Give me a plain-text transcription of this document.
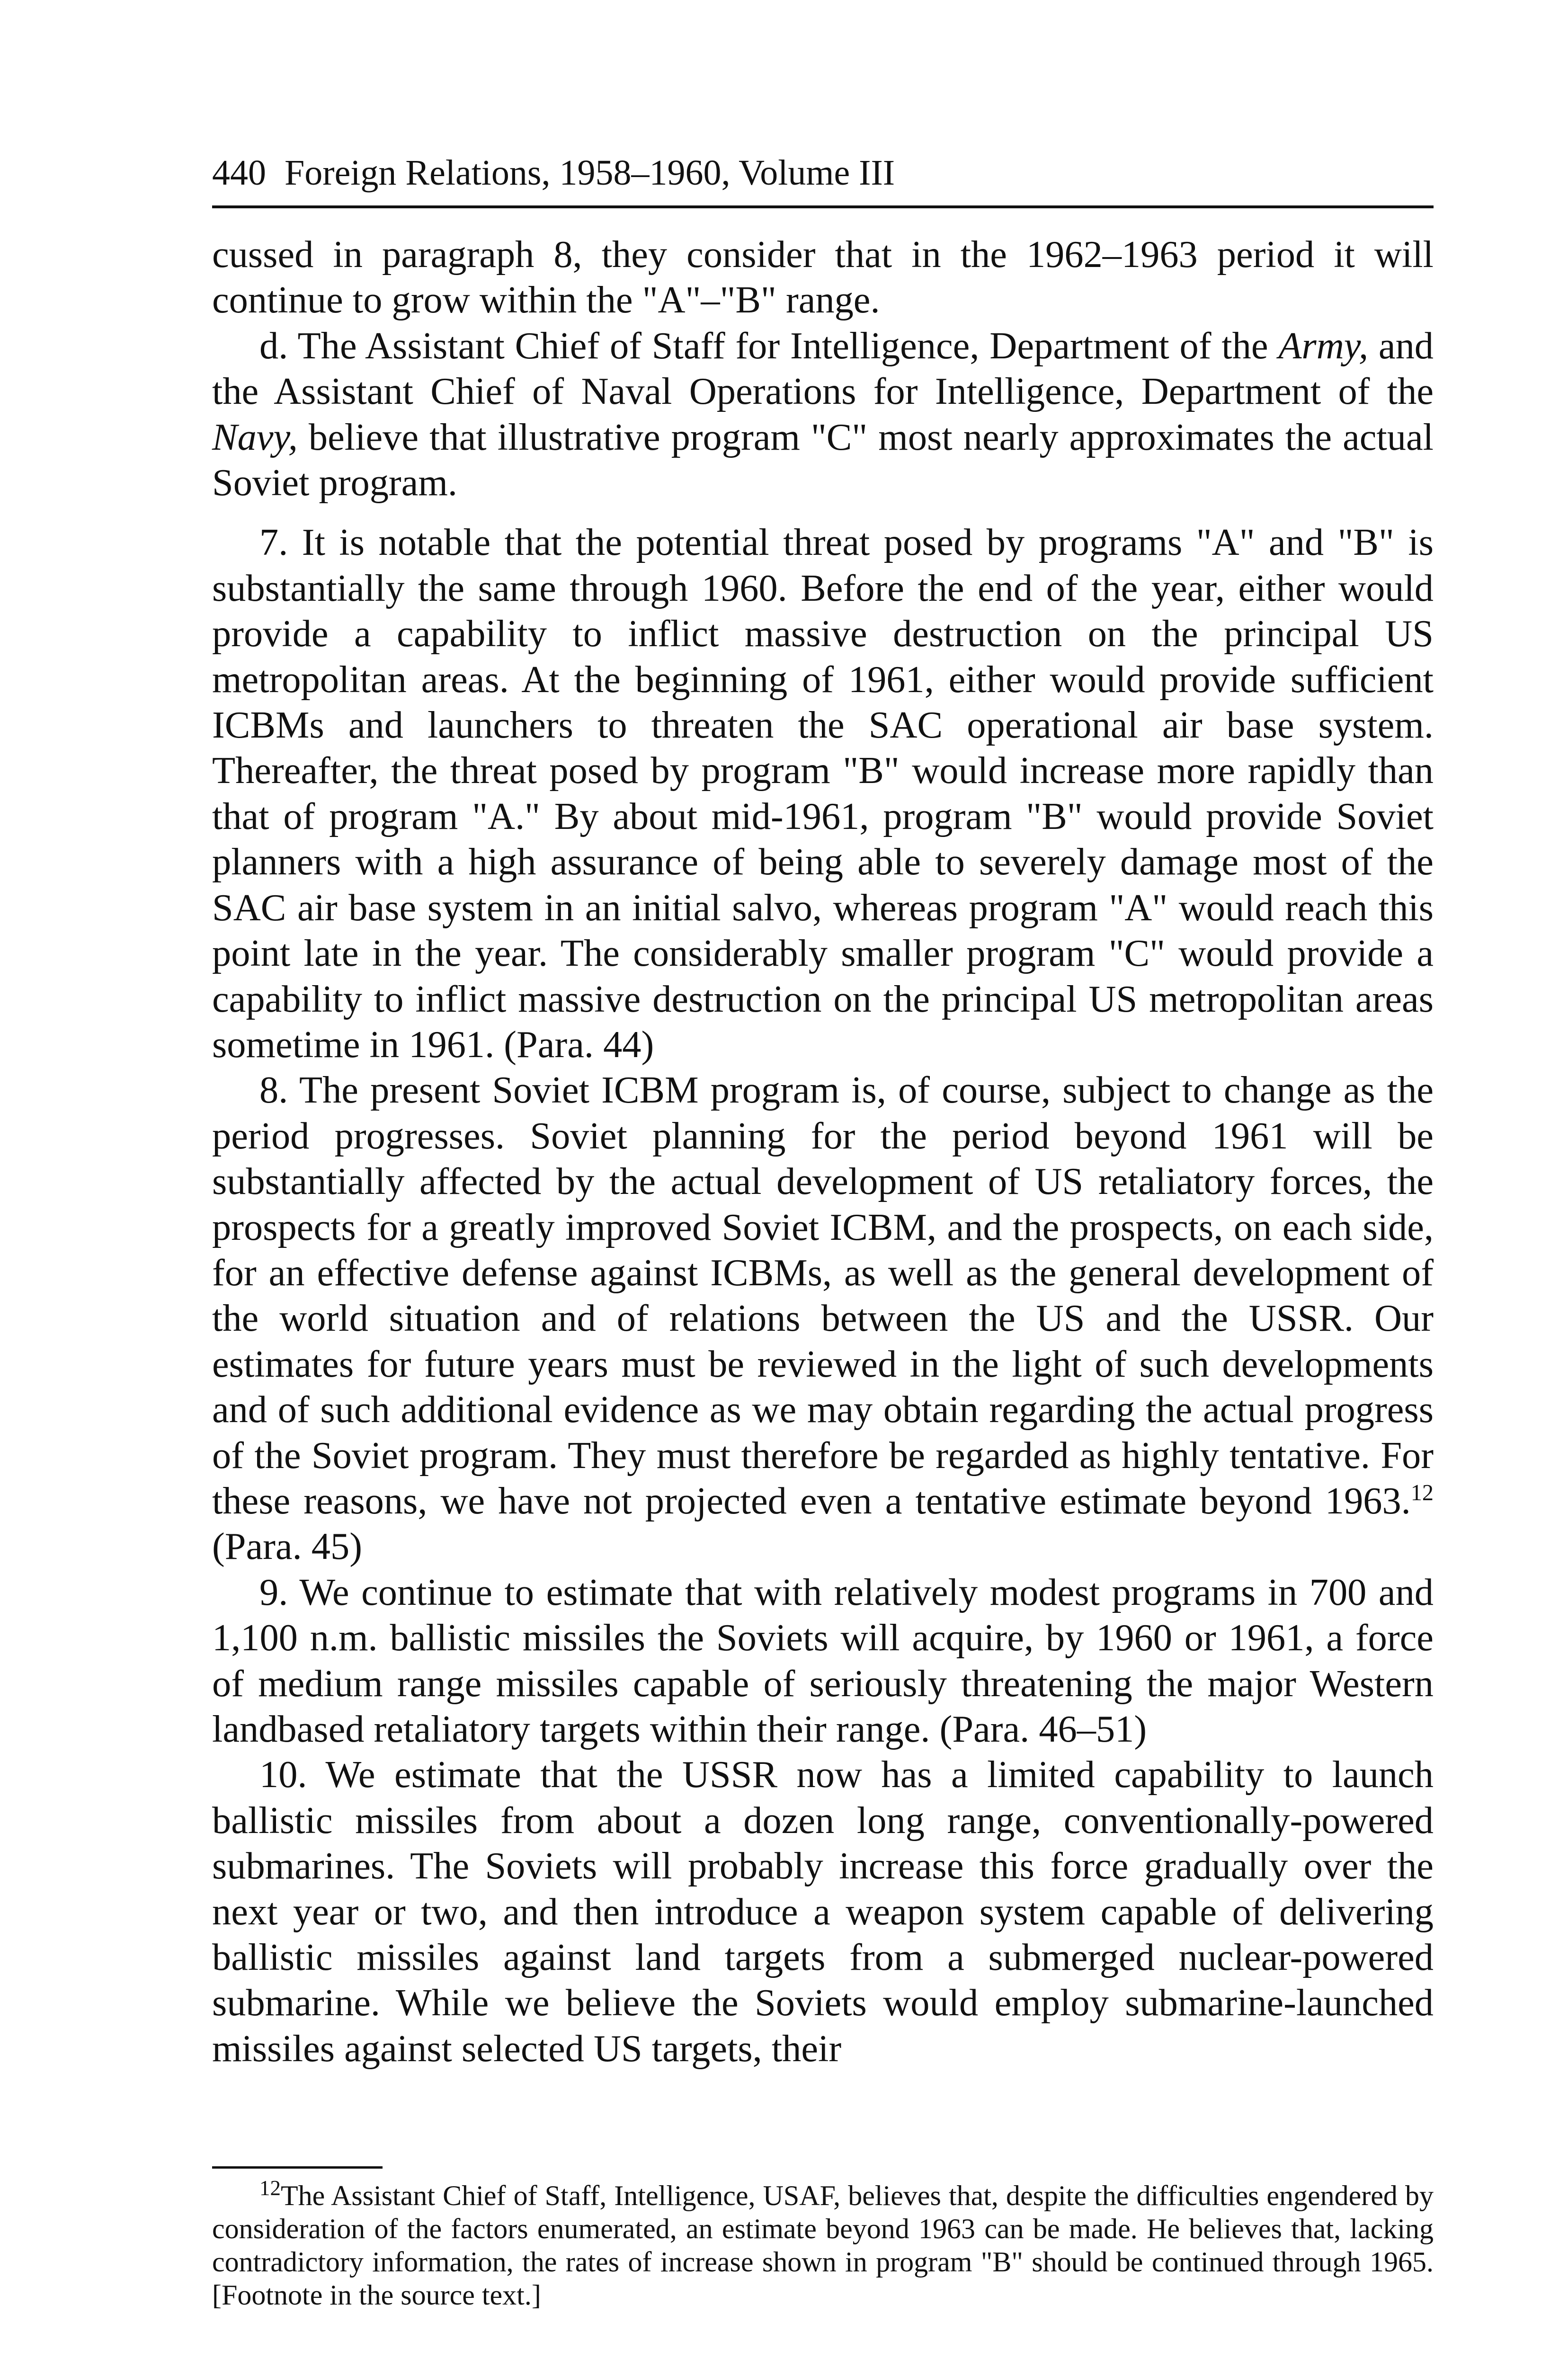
440 Foreign Relations, 1958–1960, Volume III

cussed in paragraph 8, they consider that in the 1962–1963 period it will continue to grow within the "A"–"B" range.

d. The Assistant Chief of Staff for Intelligence, Department of the Army, and the Assistant Chief of Naval Operations for Intelligence, Department of the Navy, believe that illustrative program "C" most nearly approximates the actual Soviet program.

7. It is notable that the potential threat posed by programs "A" and "B" is substantially the same through 1960. Before the end of the year, either would provide a capability to inflict massive destruction on the principal US metropolitan areas. At the beginning of 1961, either would provide sufficient ICBMs and launchers to threaten the SAC operational air base system. Thereafter, the threat posed by program "B" would increase more rapidly than that of program "A." By about mid-1961, program "B" would provide Soviet planners with a high assurance of being able to severely damage most of the SAC air base system in an initial salvo, whereas program "A" would reach this point late in the year. The considerably smaller program "C" would provide a capability to inflict massive destruction on the principal US metropolitan areas sometime in 1961. (Para. 44)

8. The present Soviet ICBM program is, of course, subject to change as the period progresses. Soviet planning for the period beyond 1961 will be substantially affected by the actual development of US retaliatory forces, the prospects for a greatly improved Soviet ICBM, and the prospects, on each side, for an effective defense against ICBMs, as well as the general development of the world situation and of relations between the US and the USSR. Our estimates for future years must be reviewed in the light of such developments and of such additional evidence as we may obtain regarding the actual progress of the Soviet program. They must therefore be regarded as highly tentative. For these reasons, we have not projected even a tentative estimate beyond 1963.12 (Para. 45)

9. We continue to estimate that with relatively modest programs in 700 and 1,100 n.m. ballistic missiles the Soviets will acquire, by 1960 or 1961, a force of medium range missiles capable of seriously threatening the major Western landbased retaliatory targets within their range. (Para. 46–51)

10. We estimate that the USSR now has a limited capability to launch ballistic missiles from about a dozen long range, conventionally-powered submarines. The Soviets will probably increase this force gradually over the next year or two, and then introduce a weapon system capable of delivering ballistic missiles against land targets from a submerged nuclear-powered submarine. While we believe the Soviets would employ submarine-launched missiles against selected US targets, their

$^{12}$The Assistant Chief of Staff, Intelligence, USAF, believes that, despite the difficulties engendered by consideration of the factors enumerated, an estimate beyond 1963 can be made. He believes that, lacking contradictory information, the rates of increase shown in program "B" should be continued through 1965. [Footnote in the source text.]
